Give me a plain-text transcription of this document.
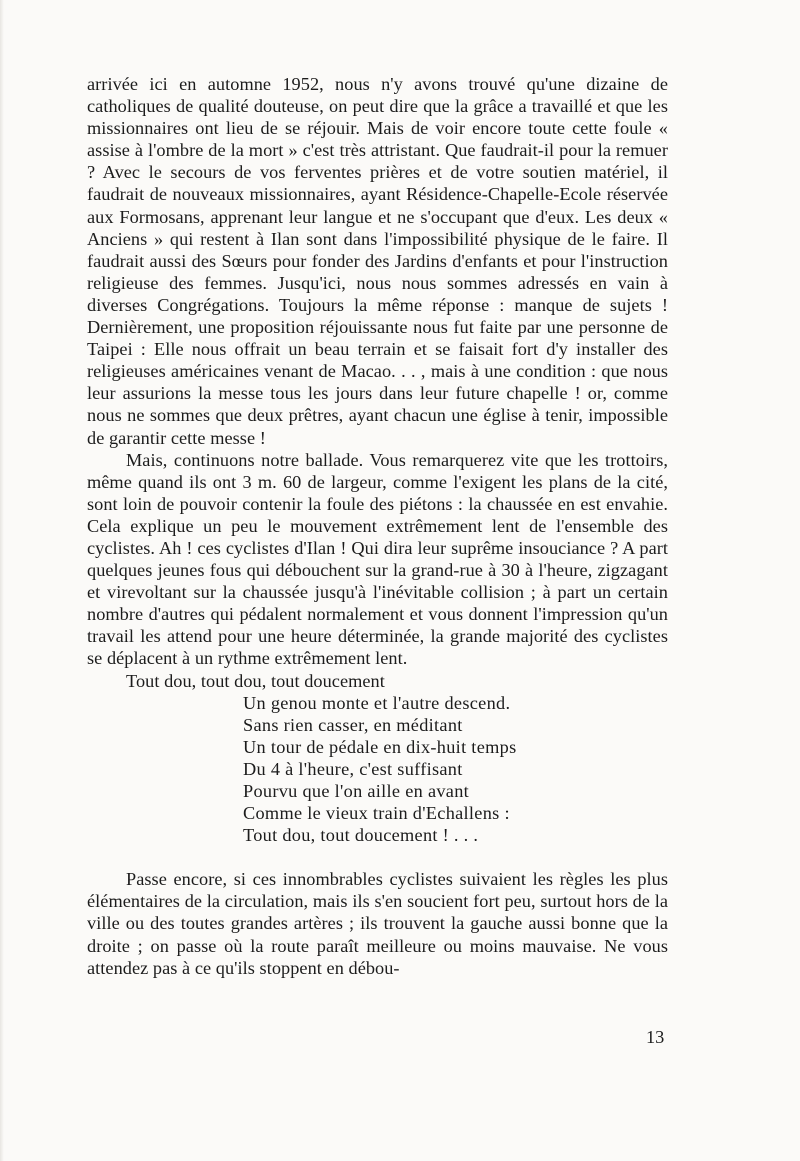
arrivée ici en automne 1952, nous n'y avons trouvé qu'une dizaine de catholiques de qualité douteuse, on peut dire que la grâce a travaillé et que les missionnaires ont lieu de se réjouir. Mais de voir encore toute cette foule « assise à l'ombre de la mort » c'est très attristant. Que faudrait-il pour la remuer ? Avec le secours de vos ferventes prières et de votre soutien matériel, il faudrait de nouveaux missionnaires, ayant Résidence-Chapelle-Ecole réservée aux Formosans, apprenant leur langue et ne s'occupant que d'eux. Les deux « Anciens » qui restent à Ilan sont dans l'impossibilité physique de le faire. Il faudrait aussi des Sœurs pour fonder des Jardins d'enfants et pour l'instruction religieuse des femmes. Jusqu'ici, nous nous sommes adressés en vain à diverses Congrégations. Toujours la même réponse : manque de sujets ! Dernièrement, une proposition réjouissante nous fut faite par une personne de Taipei : Elle nous offrait un beau terrain et se faisait fort d'y installer des religieuses américaines venant de Macao. . . , mais à une condition : que nous leur assurions la messe tous les jours dans leur future chapelle ! or, comme nous ne sommes que deux prêtres, ayant chacun une église à tenir, impossible de garantir cette messe !

Mais, continuons notre ballade. Vous remarquerez vite que les trottoirs, même quand ils ont 3 m. 60 de largeur, comme l'exigent les plans de la cité, sont loin de pouvoir contenir la foule des piétons : la chaussée en est envahie. Cela explique un peu le mouvement extrêmement lent de l'ensemble des cyclistes. Ah ! ces cyclistes d'Ilan ! Qui dira leur suprême insouciance ? A part quelques jeunes fous qui débouchent sur la grand-rue à 30 à l'heure, zigzagant et virevoltant sur la chaussée jusqu'à l'inévitable collision ; à part un certain nombre d'autres qui pédalent normalement et vous donnent l'impression qu'un travail les attend pour une heure déterminée, la grande majorité des cyclistes se déplacent à un rythme extrêmement lent.

Tout dou, tout dou, tout doucement

Un genou monte et l'autre descend.
Sans rien casser, en méditant
Un tour de pédale en dix-huit temps
Du 4 à l'heure, c'est suffisant
Pourvu que l'on aille en avant
Comme le vieux train d'Echallens :
Tout dou, tout doucement ! . . .

Passe encore, si ces innombrables cyclistes suivaient les règles les plus élémentaires de la circulation, mais ils s'en soucient fort peu, surtout hors de la ville ou des toutes grandes artères ; ils trouvent la gauche aussi bonne que la droite ; on passe où la route paraît meilleure ou moins mauvaise. Ne vous attendez pas à ce qu'ils stoppent en débou-

13
